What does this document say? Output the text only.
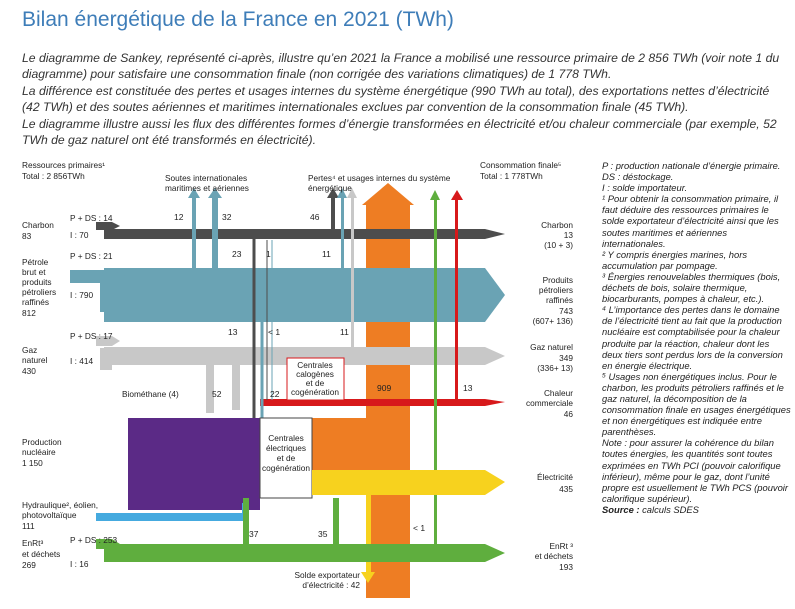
Bilan énergétique de la France en 2021 (TWh)

Le diagramme de Sankey, représenté ci-après, illustre qu’en 2021 la France a mobilisé une ressource primaire de 2 856 TWh (voir note 1 du diagramme) pour satisfaire une consommation finale (non corrigée des variations climatiques) de 1 778 TWh.

La différence est constituée des pertes et usages internes du système énergétique (990 TWh au total), des exportations nettes d’électricité (42 TWh) et des soutes aériennes et maritimes internationales exclues par convention de la consommation finale (45 TWh).

Le diagramme illustre aussi les flux des différentes formes d’énergie transformées en électricité et/ou chaleur commerciale (par exemple, 52 TWh de gaz naturel ont été transformés en électricité).

Ressources primaires¹
Total : 2 856TWh
Consommation finale⁵
Total : 1 778TWh
Soutes internationales
maritimes et aériennes
Pertes⁴ et usages internes du système
énergétique
Charbon
83
P + DS : 14
I : 70
Pétrole
brut et
produits
pétroliers
raffinés
812
P + DS : 21
I : 790
Gaz
naturel
430
P + DS : 17
I : 414
Production
nucléaire
1 150
Hydraulique², éolien,
photovoltaïque
111
EnRt³
et déchets
269
P + DS : 253
I : 16
Charbon
13
(10 + 3)
Produits
pétroliers
raffinés
743
(607+ 136)
Gaz naturel
349
(336+ 13)
Chaleur
commerciale
46
Électricité
435
EnRt ³
et déchets
193
12	32	46
23	1	11
13	< 1	11
Biométhane (4)	52	22
909	13
37	35
< 1
Centrales
calogènes
et de
cogénération
Centrales
électriques
et de
cogénération
Solde exportateur
d’électricité : 42

P : production nationale d’énergie primaire. DS : déstockage.

I : solde importateur.

¹ Pour obtenir la consommation primaire, il faut déduire des ressources primaires le solde exportateur d’électricité ainsi que les soutes maritimes et aériennes internationales.

² Y compris énergies marines, hors accumulation par pompage.

³ Énergies renouvelables thermiques (bois, déchets de bois, solaire thermique, biocarburants, pompes à chaleur, etc.).

⁴ L’importance des pertes dans le domaine de l’électricité tient au fait que la production nucléaire est comptabilisée pour la chaleur produite par la réaction, chaleur dont les deux tiers sont perdus lors de la conversion en énergie électrique.

⁵ Usages non énergétiques inclus. Pour le charbon, les produits pétroliers raffinés et le gaz naturel, la décomposition de la consommation finale en usages énergétiques et non énergétiques est indiquée entre parenthèses.

Note : pour assurer la cohérence du bilan toutes énergies, les quantités sont toutes exprimées en TWh PCI (pouvoir calorifique inférieur), même pour le gaz, dont l’unité propre est usuellement le TWh PCS (pouvoir calorifique supérieur).

Source : calculs SDES
